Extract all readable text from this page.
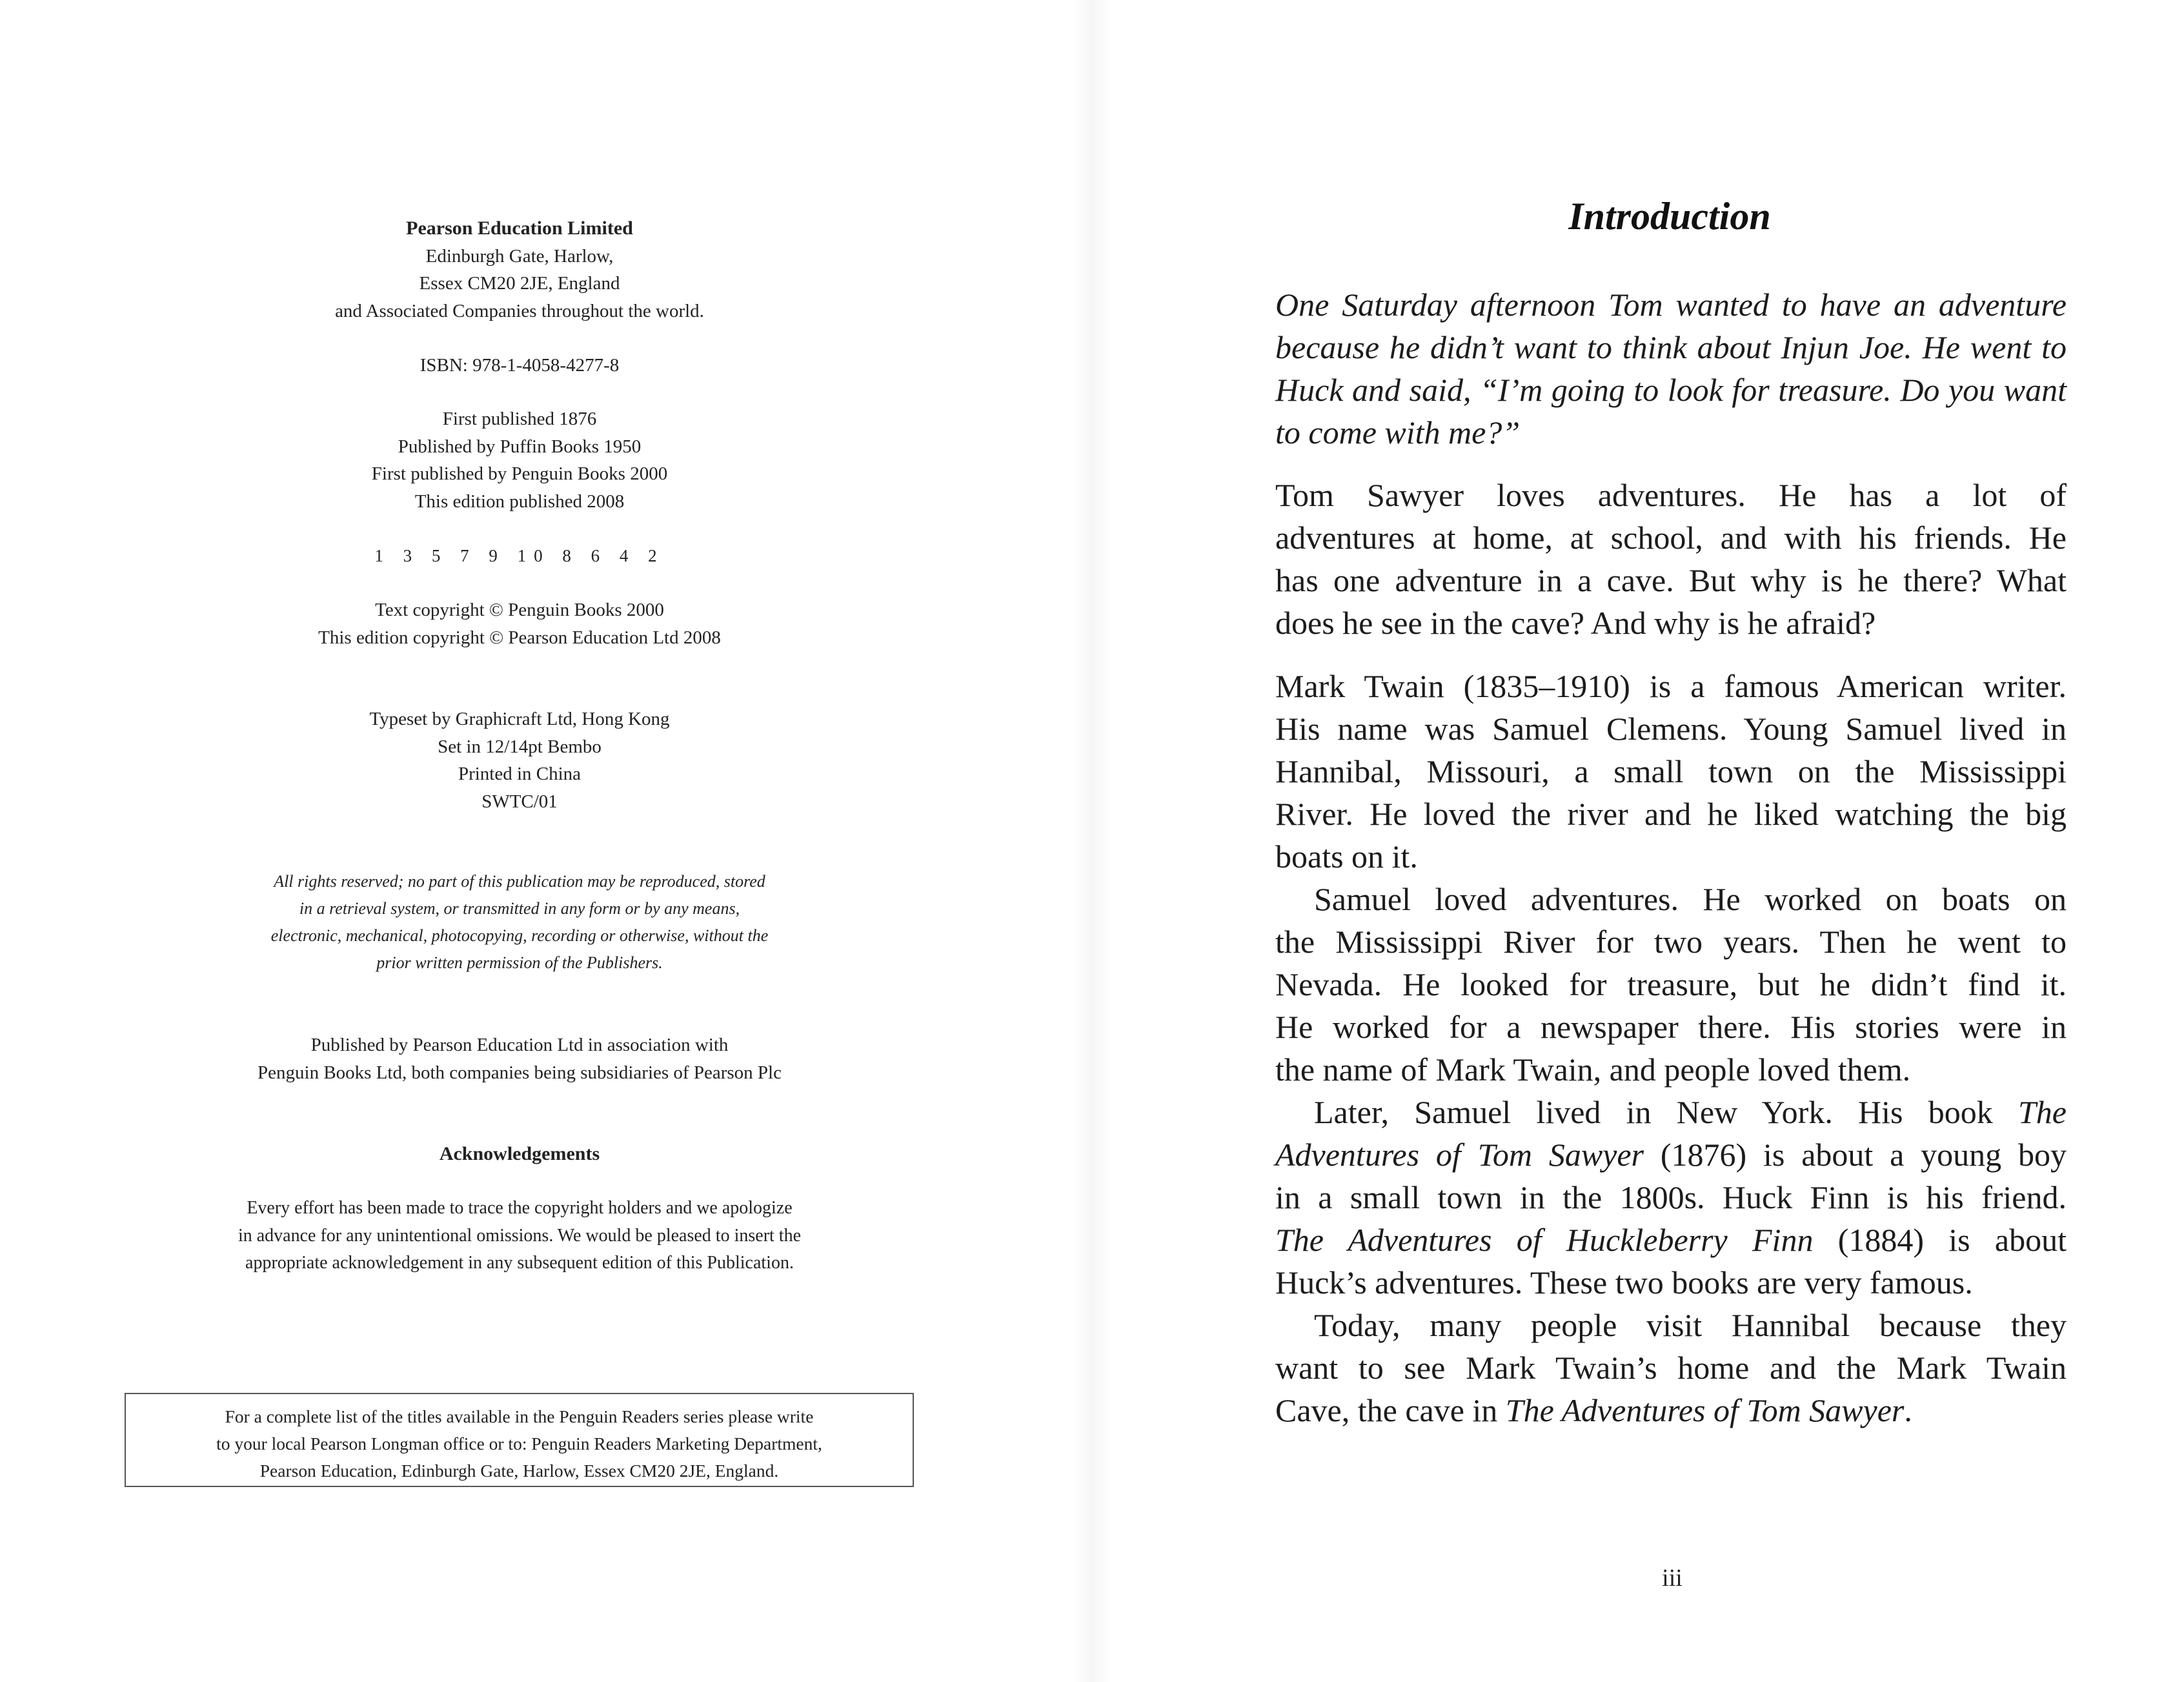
Pearson Education Limited

Edinburgh Gate, Harlow,

Essex CM20 2JE, England

and Associated Companies throughout the world.

ISBN: 978-1-4058-4277-8

First published 1876

Published by Puffin Books 1950

First published by Penguin Books 2000

This edition published 2008

1 3 5 7 9 10 8 6 4 2

Text copyright © Penguin Books 2000

This edition copyright © Pearson Education Ltd 2008

Typeset by Graphicraft Ltd, Hong Kong

Set in 12/14pt Bembo

Printed in China

SWTC/01

All rights reserved; no part of this publication may be reproduced, stored

in a retrieval system, or transmitted in any form or by any means,

electronic, mechanical, photocopying, recording or otherwise, without the

prior written permission of the Publishers.

Published by Pearson Education Ltd in association with

Penguin Books Ltd, both companies being subsidiaries of Pearson Plc

Acknowledgements

Every effort has been made to trace the copyright holders and we apologize

in advance for any unintentional omissions. We would be pleased to insert the

appropriate acknowledgement in any subsequent edition of this Publication.

For a complete list of the titles available in the Penguin Readers series please write

to your local Pearson Longman office or to: Penguin Readers Marketing Department,

Pearson Education, Edinburgh Gate, Harlow, Essex CM20 2JE, England.

Introduction
One Saturday afternoon Tom wanted to have an adventure
because he didn’t want to think about Injun Joe. He went to
Huck and said, “I’m going to look for treasure. Do you want
to come with me?”
Tom Sawyer loves adventures. He has a lot of
adventures at home, at school, and with his friends. He
has one adventure in a cave. But why is he there? What
does he see in the cave? And why is he afraid?
Mark Twain (1835–1910) is a famous American writer.
His name was Samuel Clemens. Young Samuel lived in
Hannibal, Missouri, a small town on the Mississippi
River. He loved the river and he liked watching the big
boats on it.
Samuel loved adventures. He worked on boats on
the Mississippi River for two years. Then he went to
Nevada. He looked for treasure, but he didn’t find it.
He worked for a newspaper there. His stories were in
the name of Mark Twain, and people loved them.
Later, Samuel lived in New York. His book The
Adventures of Tom Sawyer (1876) is about a young boy
in a small town in the 1800s. Huck Finn is his friend.
The Adventures of Huckleberry Finn (1884) is about
Huck’s adventures. These two books are very famous.
Today, many people visit Hannibal because they
want to see Mark Twain’s home and the Mark Twain
Cave, the cave in The Adventures of Tom Sawyer.
iii
